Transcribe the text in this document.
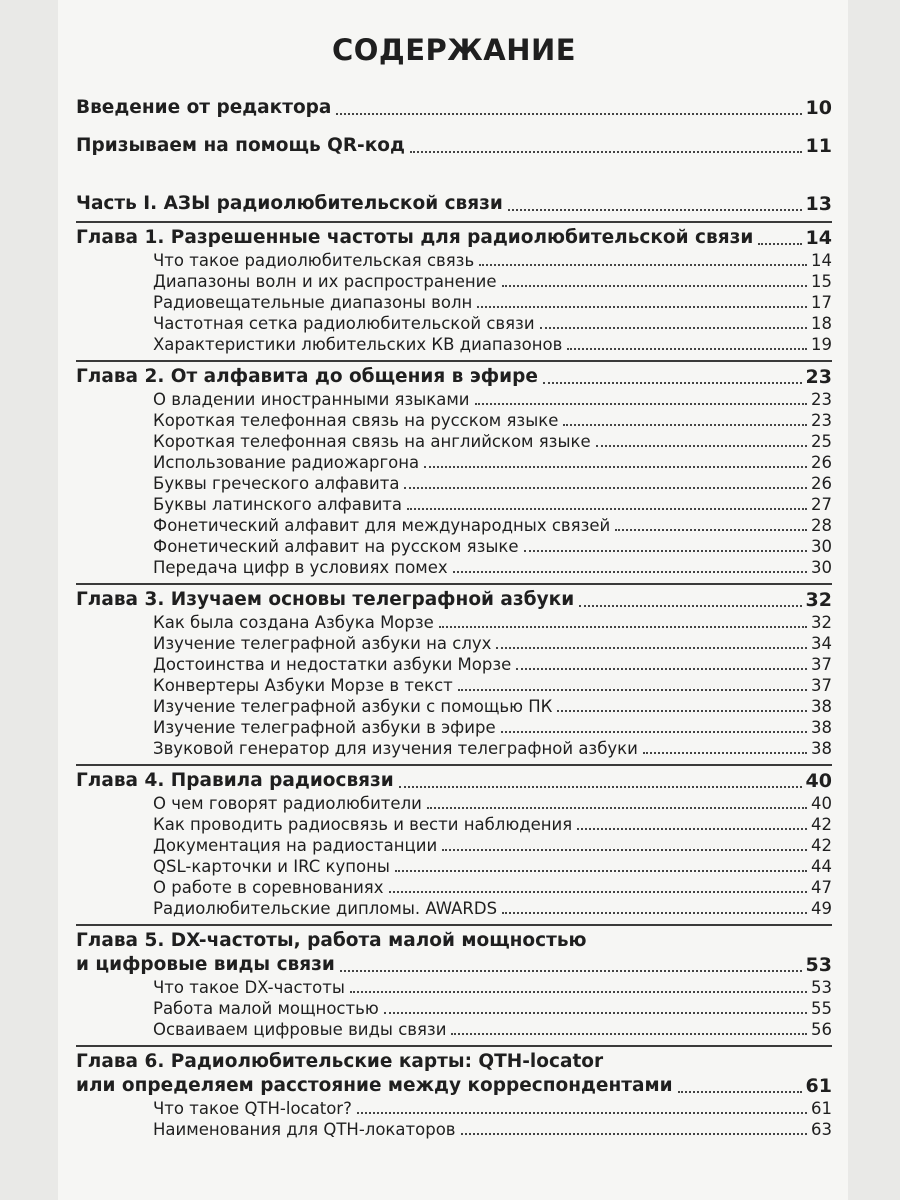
СОДЕРЖАНИЕ
Введение от редактора	10
Призываем на помощь QR-код	11
Часть I. АЗЫ радиолюбительской связи	13
Глава 1. Разрешенные частоты для радиолюбительской связи	14
Что такое радиолюбительская связь	14
Диапазоны волн и их распространение	15
Радиовещательные диапазоны волн	17
Частотная сетка радиолюбительской связи	18
Характеристики любительских КВ диапазонов	19
Глава 2. От алфавита до общения в эфире	23
О владении иностранными языками	23
Короткая телефонная связь на русском языке	23
Короткая телефонная связь на английском языке	25
Использование радиожаргона	26
Буквы греческого алфавита	26
Буквы латинского алфавита	27
Фонетический алфавит для международных связей	28
Фонетический алфавит на русском языке	30
Передача цифр в условиях помех	30
Глава 3. Изучаем основы телеграфной азбуки	32
Как была создана Азбука Морзе	32
Изучение телеграфной азбуки на слух	34
Достоинства и недостатки азбуки Морзе	37
Конвертеры Азбуки Морзе в текст	37
Изучение телеграфной азбуки с помощью ПК	38
Изучение телеграфной азбуки в эфире	38
Звуковой генератор для изучения телеграфной азбуки	38
Глава 4. Правила радиосвязи	40
О чем говорят радиолюбители	40
Как проводить радиосвязь и вести наблюдения	42
Документация на радиостанции	42
QSL-карточки и IRC купоны	44
О работе в соревнованиях	47
Радиолюбительские дипломы. AWARDS	49
Глава 5. DX-частоты, работа малой мощностью
и цифровые виды связи	53
Что такое DX-частоты	53
Работа малой мощностью	55
Осваиваем цифровые виды связи	56
Глава 6. Радиолюбительские карты: QTH-locator
или определяем расстояние между корреспондентами	61
Что такое QTH-locator?	61
Наименования для QTH-локаторов	63
